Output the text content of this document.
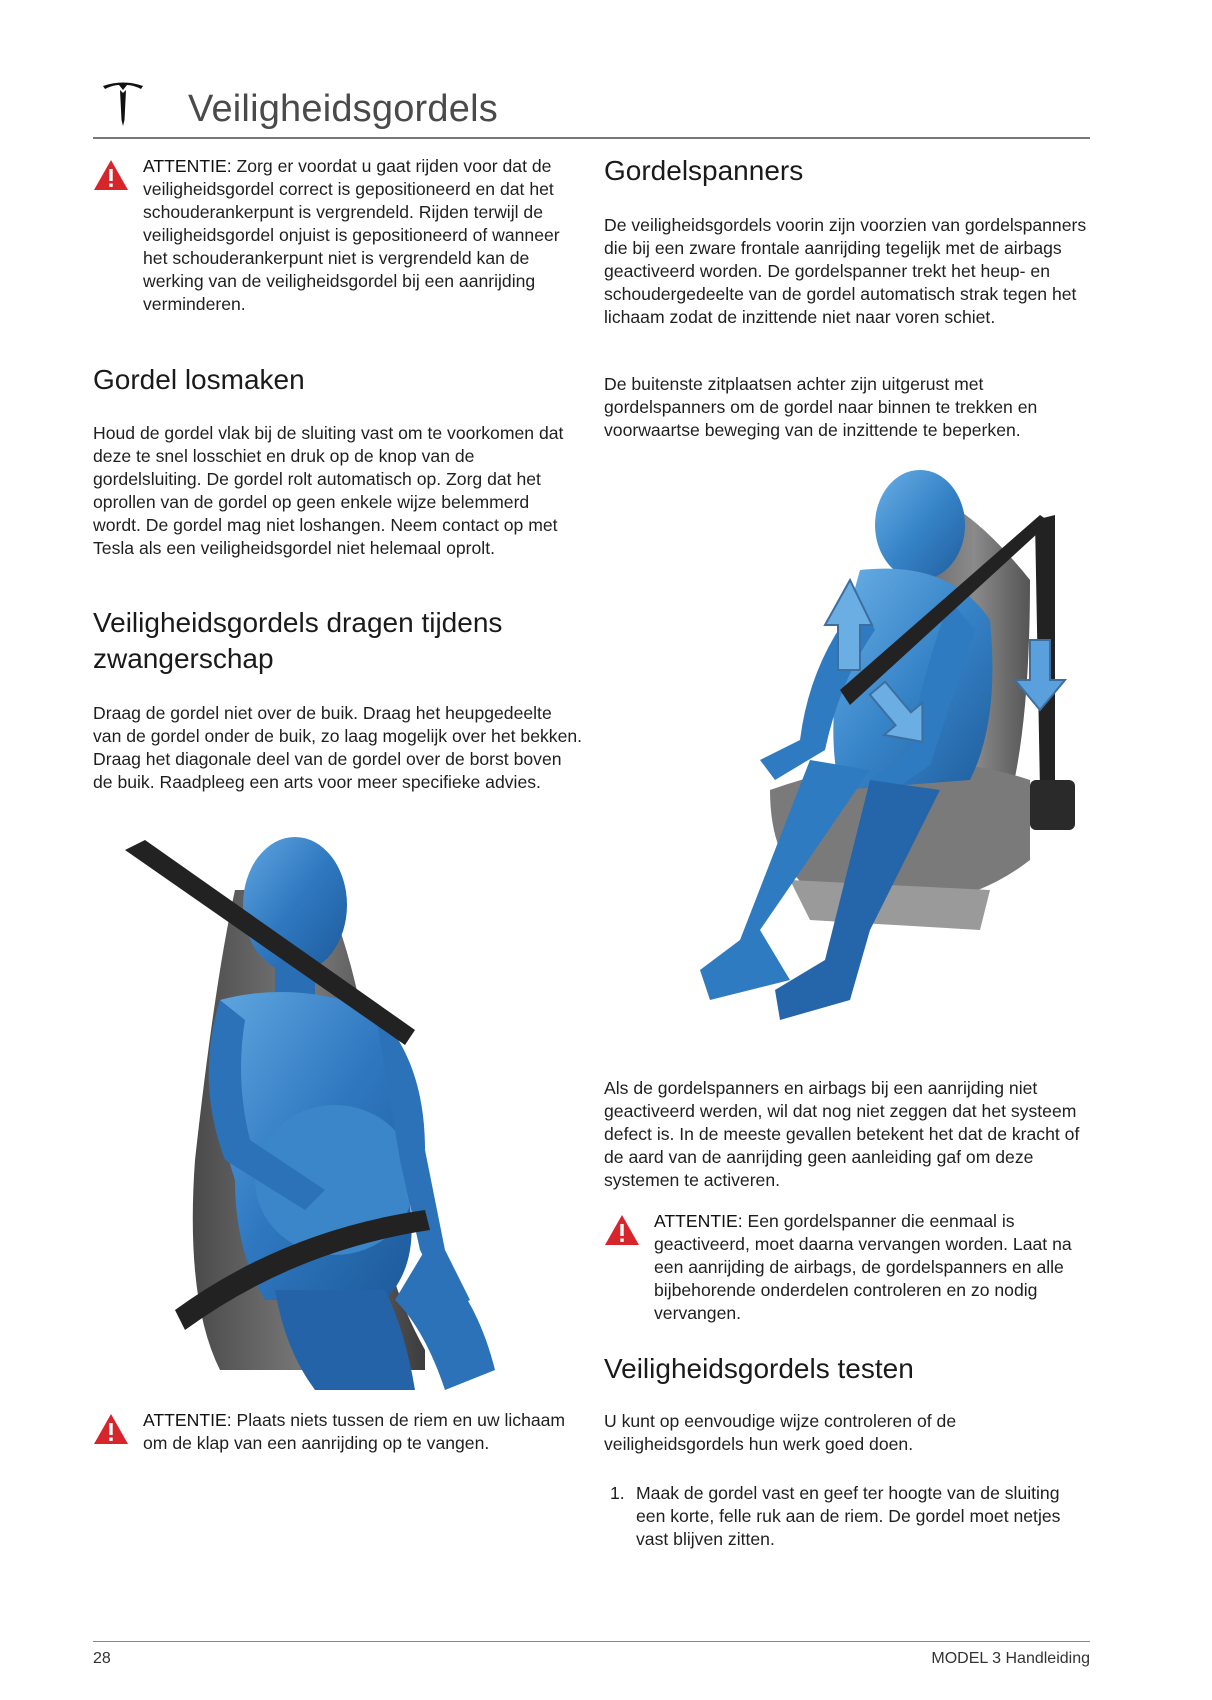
Veiligheidsgordels

ATTENTIE: Zorg er voordat u gaat rijden voor dat de veiligheidsgordel correct is gepositioneerd en dat het schouderankerpunt is vergrendeld. Rijden terwijl de veiligheidsgordel onjuist is gepositioneerd of wanneer het schouderankerpunt niet is vergrendeld kan de werking van de veiligheidsgordel bij een aanrijding verminderen.

Gordel losmaken

Houd de gordel vlak bij de sluiting vast om te voorkomen dat deze te snel losschiet en druk op de knop van de gordelsluiting. De gordel rolt automatisch op. Zorg dat het oprollen van de gordel op geen enkele wijze belemmerd wordt. De gordel mag niet loshangen. Neem contact op met Tesla als een veiligheidsgordel niet helemaal oprolt.

Veiligheidsgordels dragen tijdens zwangerschap

Draag de gordel niet over de buik. Draag het heupgedeelte van de gordel onder de buik, zo laag mogelijk over het bekken. Draag het diagonale deel van de gordel over de borst boven de buik. Raadpleeg een arts voor meer specifieke advies.

ATTENTIE: Plaats niets tussen de riem en uw lichaam om de klap van een aanrijding op te vangen.

Gordelspanners

De veiligheidsgordels voorin zijn voorzien van gordelspanners die bij een zware frontale aanrijding tegelijk met de airbags geactiveerd worden. De gordelspanner trekt het heup- en schoudergedeelte van de gordel automatisch strak tegen het lichaam zodat de inzittende niet naar voren schiet.

De buitenste zitplaatsen achter zijn uitgerust met gordelspanners om de gordel naar binnen te trekken en voorwaartse beweging van de inzittende te beperken.

Als de gordelspanners en airbags bij een aanrijding niet geactiveerd werden, wil dat nog niet zeggen dat het systeem defect is. In de meeste gevallen betekent het dat de kracht of de aard van de aanrijding geen aanleiding gaf om deze systemen te activeren.

ATTENTIE: Een gordelspanner die eenmaal is geactiveerd, moet daarna vervangen worden. Laat na een aanrijding de airbags, de gordelspanners en alle bijbehorende onderdelen controleren en zo nodig vervangen.

Veiligheidsgordels testen

U kunt op eenvoudige wijze controleren of de veiligheidsgordels hun werk goed doen.

1. Maak de gordel vast en geef ter hoogte van de sluiting een korte, felle ruk aan de riem. De gordel moet netjes vast blijven zitten.
28	MODEL 3 Handleiding
